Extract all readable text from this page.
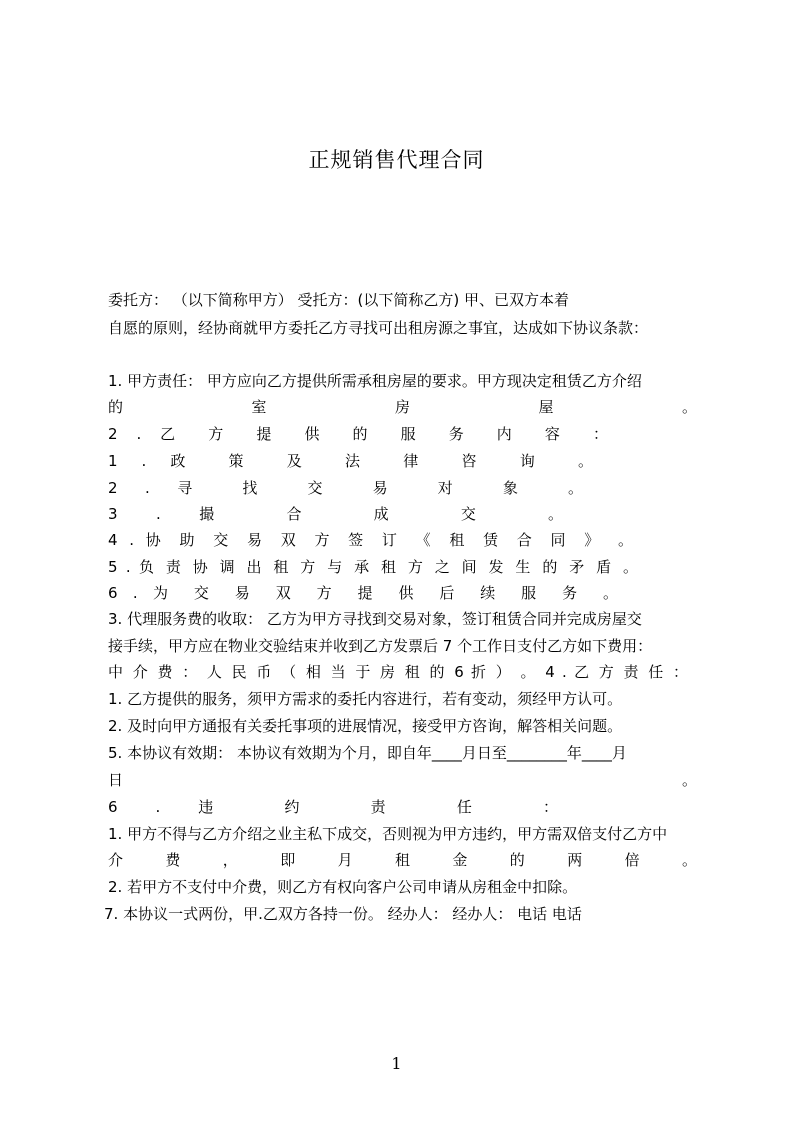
正规销售代理合同
委托方： （以下简称甲方） 受托方：(以下简称乙方) 甲、已双方本着
自愿的原则，经协商就甲方委托乙方寻找可出租房源之事宜，达成如下协议条款：
1. 甲方责任： 甲方应向乙方提供所需承租房屋的要求。甲方现决定租赁乙方介绍
的 室 房 屋 。
2 . 乙 方 提 供 的 服 务 内 容 ：
1 . 政 策 及 法 律 咨 询 。
2 . 寻 找 交 易 对 象 。
3 . 撮 合 成 交 。
4 . 协 助 交 易 双 方 签 订 《 租 赁 合 同 》 。
5 . 负 责 协 调 出 租 方 与 承 租 方 之 间 发 生 的 矛 盾 。
6 . 为 交 易 双 方 提 供 后 续 服 务 。
3. 代理服务费的收取： 乙方为甲方寻找到交易对象，签订租赁合同并完成房屋交
接手续，甲方应在物业交验结束并收到乙方发票后 7 个工作日支付乙方如下费用：
中 介 费 ： 人 民 币 （ 相 当 于 房 租 的 6 折 ） 。 4 . 乙 方 责 任 ：
1. 乙方提供的服务，须甲方需求的委托内容进行，若有变动，须经甲方认可。
2. 及时向甲方通报有关委托事项的进展情况，接受甲方咨询，解答相关问题。
5. 本协议有效期： 本协议有效期为个月，即自年____月日至________年____月
日 。
6 . 违 约 责 任 ：
1. 甲方不得与乙方介绍之业主私下成交，否则视为甲方违约，甲方需双倍支付乙方中
介 费 ， 即 月 租 金 的 两 倍 。
2. 若甲方不支付中介费，则乙方有权向客户公司申请从房租金中扣除。
7. 本协议一式两份，甲.乙双方各持一份。 经办人： 经办人： 电话 电话
1
